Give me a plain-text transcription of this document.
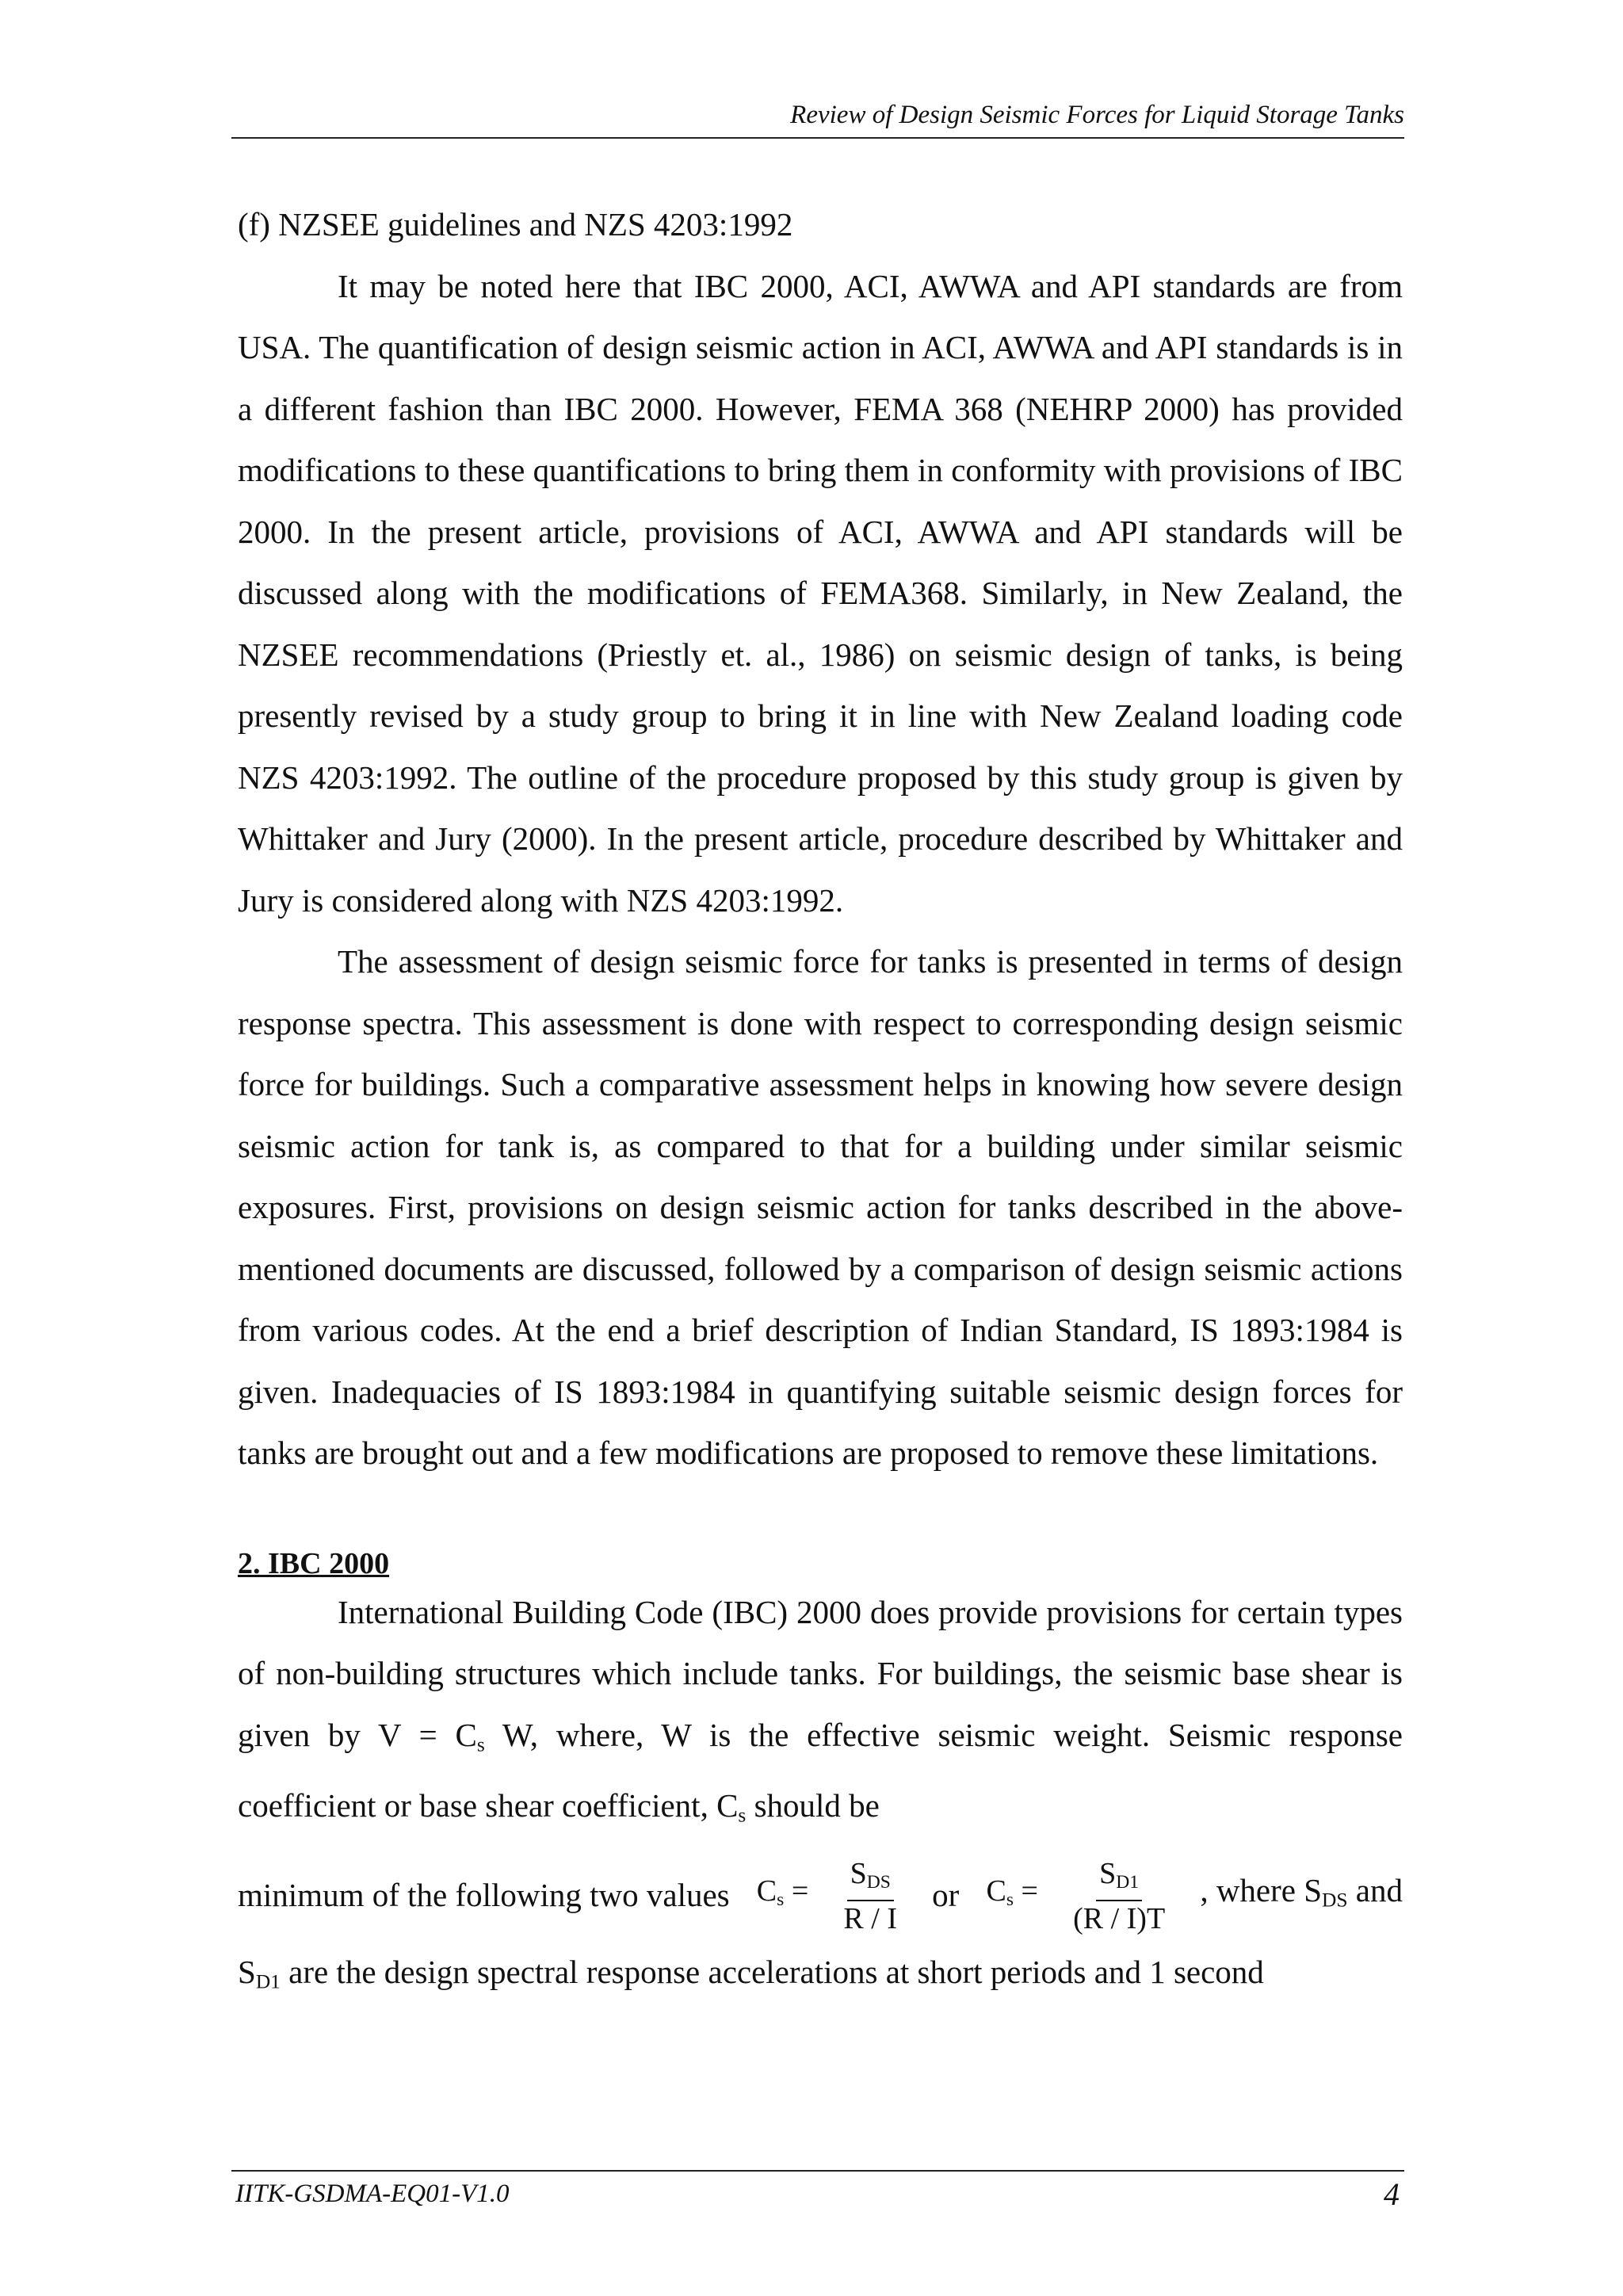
Review of Design Seismic Forces for Liquid Storage Tanks

(f) NZSEE guidelines and NZS 4203:1992

It may be noted here that IBC 2000, ACI, AWWA and API standards are from USA. The quantification of design seismic action in ACI, AWWA and API standards is in a different fashion than IBC 2000. However, FEMA 368 (NEHRP 2000) has provided modifications to these quantifications to bring them in conformity with provisions of IBC 2000. In the present article, provisions of ACI, AWWA and API standards will be discussed along with the modifications of FEMA368. Similarly, in New Zealand, the NZSEE recommendations (Priestly et. al., 1986) on seismic design of tanks, is being presently revised by a study group to bring it in line with New Zealand loading code NZS 4203:1992. The outline of the procedure proposed by this study group is given by Whittaker and Jury (2000). In the present article, procedure described by Whittaker and Jury is considered along with NZS 4203:1992.

The assessment of design seismic force for tanks is presented in terms of design response spectra. This assessment is done with respect to corresponding design seismic force for buildings. Such a comparative assessment helps in knowing how severe design seismic action for tank is, as compared to that for a building under similar seismic exposures. First, provisions on design seismic action for tanks described in the above-mentioned documents are discussed, followed by a comparison of design seismic actions from various codes. At the end a brief description of Indian Standard, IS 1893:1984 is given. Inadequacies of IS 1893:1984 in quantifying suitable seismic design forces for tanks are brought out and a few modifications are proposed to remove these limitations.

2. IBC 2000

International Building Code (IBC) 2000 does provide provisions for certain types of non-building structures which include tanks. For buildings, the seismic base shear is given by $V = C_s$ W, where, W is the effective seismic weight. Seismic response coefficient or base shear coefficient, $C_s$ should be

minimum of the following two values $C_s = \frac{S_{DS}}{R / I}$ or $C_s = \frac{S_{D1}}{(R / I)T}$ , where $S_{DS}$ and

$S_{D1}$ are the design spectral response accelerations at short periods and 1 second

IITK-GSDMA-EQ01-V1.0	4
